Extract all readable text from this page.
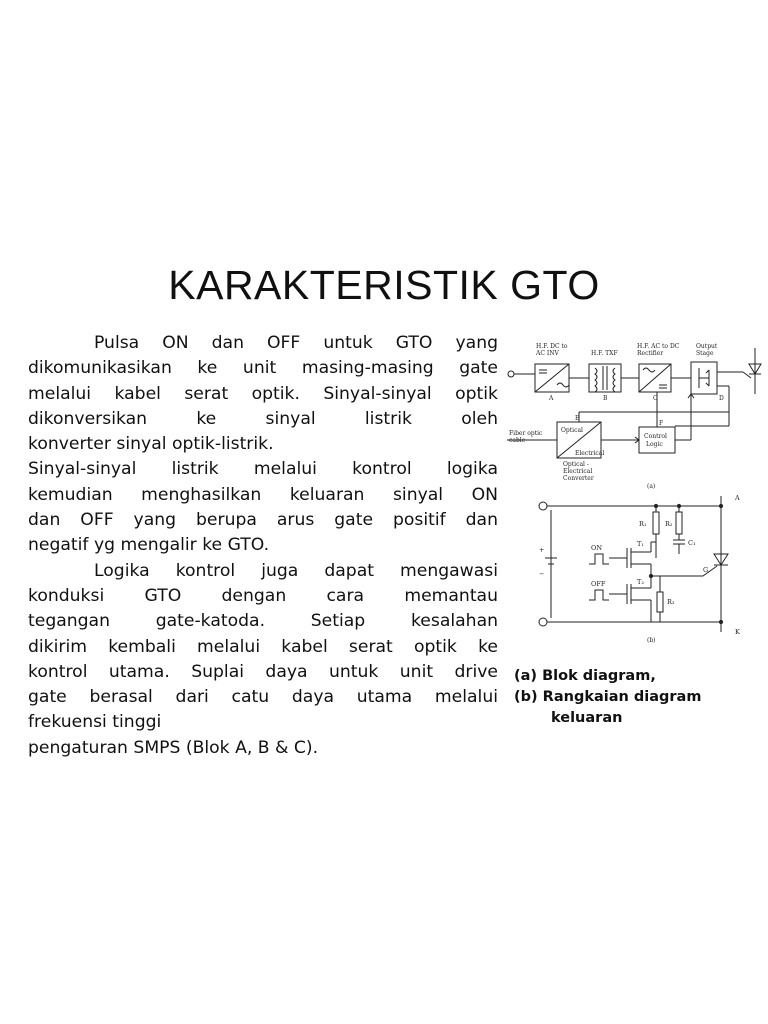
KARAKTERISTIK GTO

Pulsa ON dan OFF untuk GTO yang

dikomunikasikan ke unit masing-masing gate

melalui kabel serat optik. Sinyal-sinyal optik

dikonversikan ke sinyal listrik oleh

konverter sinyal optik-listrik.

Sinyal-sinyal listrik melalui kontrol logika

kemudian menghasilkan keluaran sinyal ON

dan OFF yang berupa arus gate positif dan

negatif yg mengalir ke GTO.

Logika kontrol juga dapat mengawasi

konduksi GTO dengan cara memantau

tegangan gate-katoda. Setiap kesalahan

dikirim kembali melalui kabel serat optik ke

kontrol utama. Suplai daya untuk unit drive

gate berasal dari catu daya utama melalui

frekuensi tinggi

pengaturan SMPS (Blok A, B & C).

H.F. DC to
AC INV	H.F. TXF
H.F. AC to DC
Rectifier
Output
Stage
A	B	C	D
E
F
Fiber optic
cable
Optical
Electrical
Optical -
Electrical
Converter
Control
Logic
(a)
R₁	R₂
C₁
T₁
T₂
R₃
ON
OFF
G
A
K
+
−
(b)
(a) Blok diagram,
(b) Rangkaian diagram
keluaran
